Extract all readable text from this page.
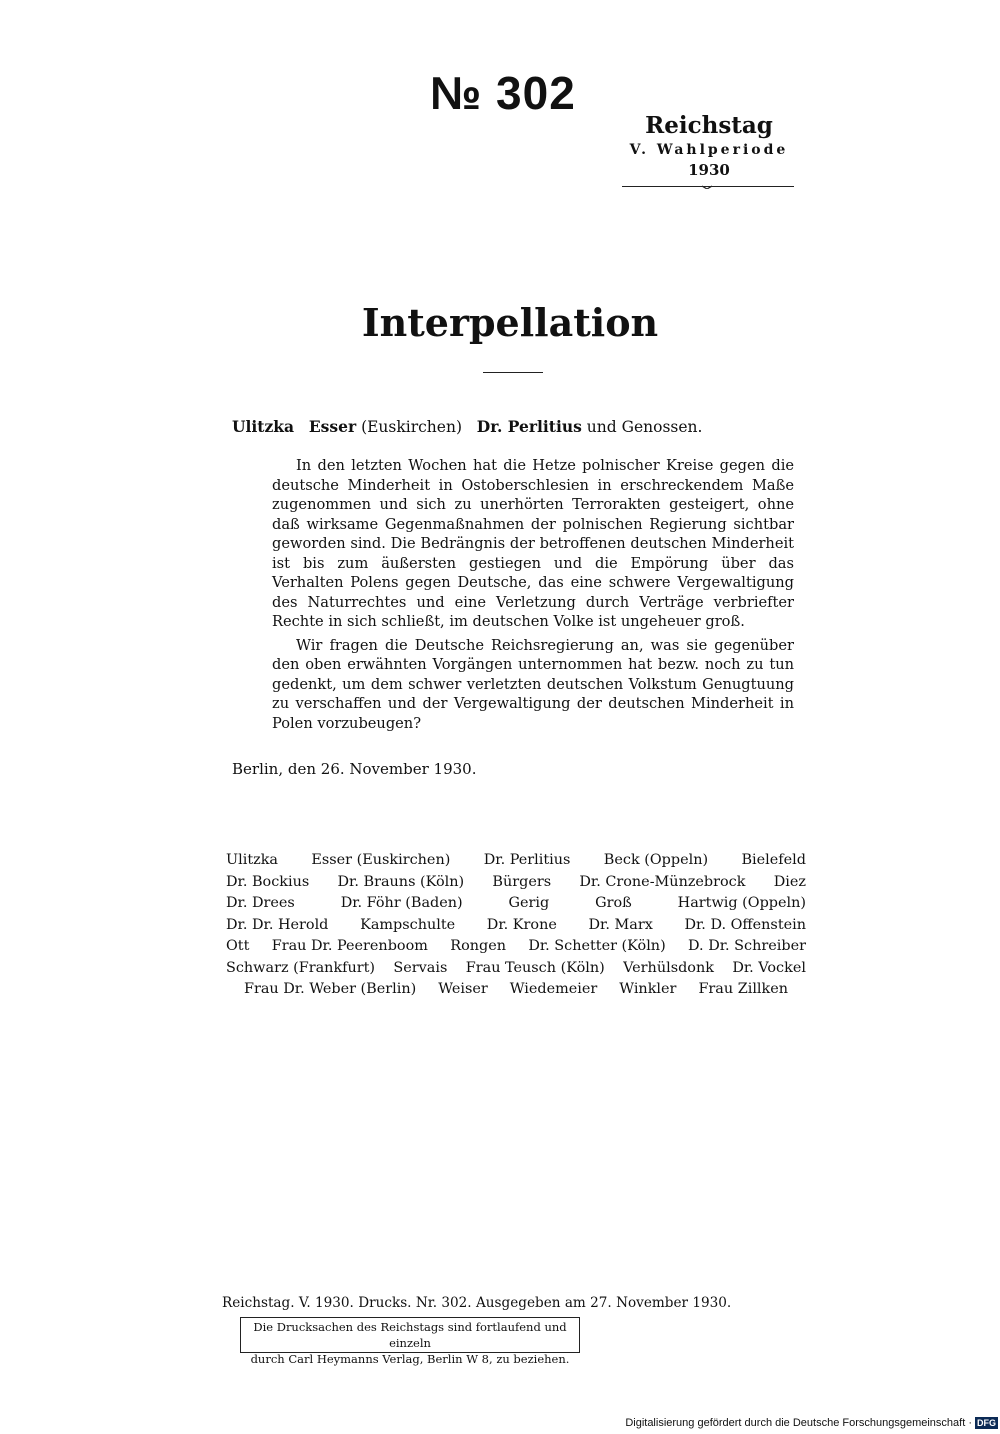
№ 302
Reichstag
V. Wahlperiode
1930
Interpellation
Ulitzka Esser (Euskirchen) Dr. Perlitius und Genossen.

In den letzten Wochen hat die Hetze polnischer Kreise gegen die deutsche Minderheit in Ostoberschlesien in erschreckendem Maße zugenommen und sich zu unerhörten Terrorakten gesteigert, ohne daß wirksame Gegenmaßnahmen der polnischen Regierung sichtbar geworden sind. Die Bedrängnis der betroffenen deutschen Minderheit ist bis zum äußersten gestiegen und die Empörung über das Verhalten Polens gegen Deutsche, das eine schwere Vergewaltigung des Naturrechtes und eine Verletzung durch Verträge verbriefter Rechte in sich schließt, im deutschen Volke ist ungeheuer groß.

Wir fragen die Deutsche Reichsregierung an, was sie gegenüber den oben erwähnten Vorgängen unternommen hat bezw. noch zu tun gedenkt, um dem schwer verletzten deutschen Volkstum Genugtuung zu verschaffen und der Vergewaltigung der deutschen Minderheit in Polen vorzubeugen?

Berlin, den 26. November 1930.
Ulitzka Esser (Euskirchen) Dr. Perlitius Beck (Oppeln) Bielefeld
Dr. Bockius Dr. Brauns (Köln) Bürgers Dr. Crone-Münzebrock Diez
Dr. Drees	Dr. Föhr (Baden)	Gerig	Groß	Hartwig (Oppeln)
Dr. Dr. Herold Kampschulte Dr. Krone Dr. Marx Dr. D. Offenstein
Ott Frau Dr. Peerenboom Rongen Dr. Schetter (Köln) D. Dr. Schreiber
Schwarz (Frankfurt) Servais Frau Teusch (Köln) Verhülsdonk Dr. Vockel
Frau Dr. Weber (Berlin) Weiser Wiedemeier Winkler Frau Zillken
Reichstag. V. 1930. Drucks. Nr. 302. Ausgegeben am 27. November 1930.
Die Drucksachen des Reichstags sind fortlaufend und einzeln
durch Carl Heymanns Verlag, Berlin W 8, zu beziehen.
Digitalisierung gefördert durch die Deutsche Forschungsgemeinschaft · DFG
